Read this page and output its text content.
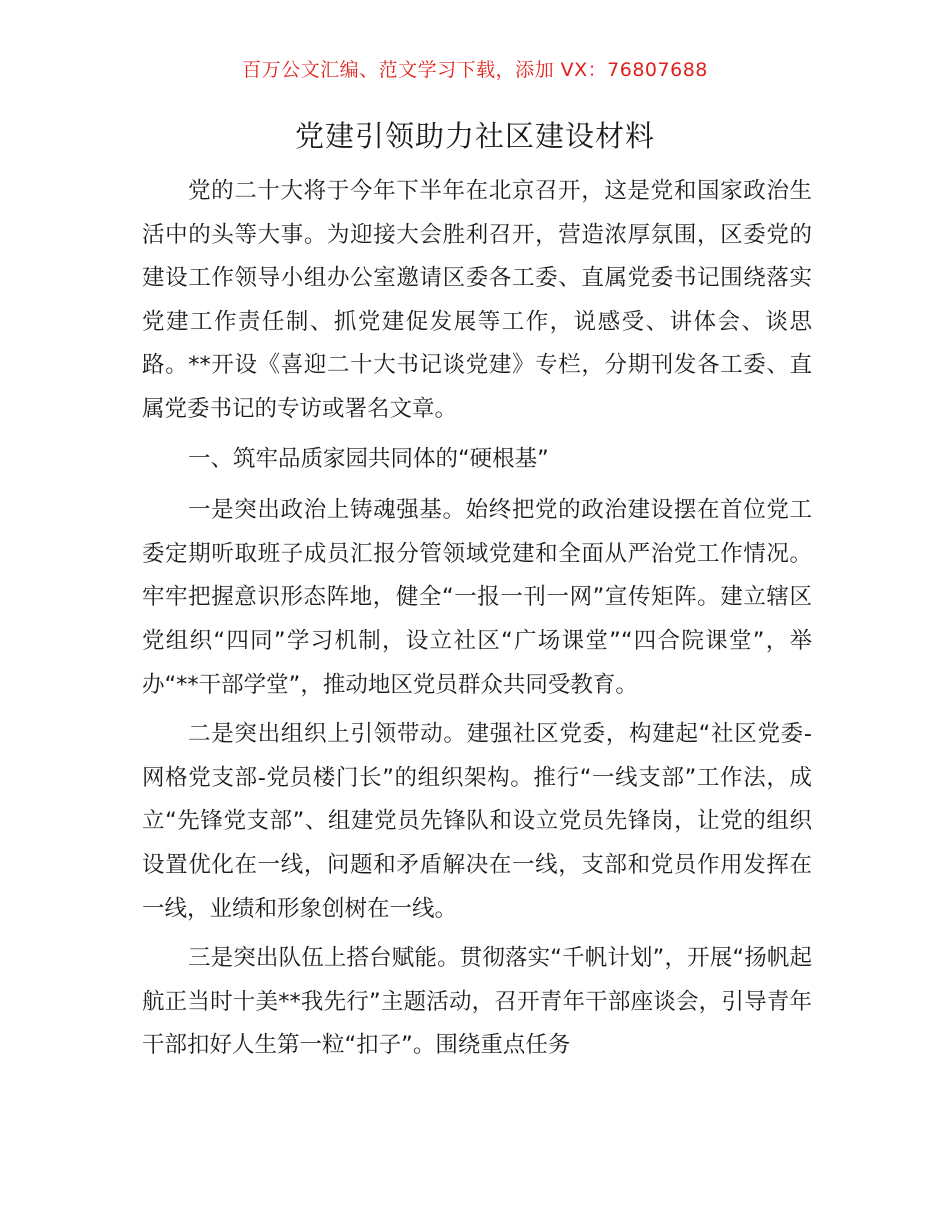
百万公文汇编、范文学习下载，添加 VX：76807688
党建引领助力社区建设材料

党的二十大将于今年下半年在北京召开，这是党和国家政治生活中的头等大事。为迎接大会胜利召开，营造浓厚氛围，区委党的建设工作领导小组办公室邀请区委各工委、直属党委书记围绕落实党建工作责任制、抓党建促发展等工作，说感受、讲体会、谈思路。**开设《喜迎二十大书记谈党建》专栏，分期刊发各工委、直属党委书记的专访或署名文章。

一、筑牢品质家园共同体的“硬根基”

一是突出政治上铸魂强基。始终把党的政治建设摆在首位党工委定期听取班子成员汇报分管领域党建和全面从严治党工作情况。牢牢把握意识形态阵地，健全“一报一刊一网”宣传矩阵。建立辖区党组织“四同”学习机制，设立社区“广场课堂”“四合院课堂”，举办“**干部学堂”，推动地区党员群众共同受教育。

二是突出组织上引领带动。建强社区党委，构建起“社区党委-网格党支部-党员楼门长”的组织架构。推行“一线支部”工作法，成立“先锋党支部”、组建党员先锋队和设立党员先锋岗，让党的组织设置优化在一线，问题和矛盾解决在一线，支部和党员作用发挥在一线，业绩和形象创树在一线。

三是突出队伍上搭台赋能。贯彻落实“千帆计划”，开展“扬帆起航正当时十美**我先行”主题活动，召开青年干部座谈会，引导青年干部扣好人生第一粒“扣子”。围绕重点任务
